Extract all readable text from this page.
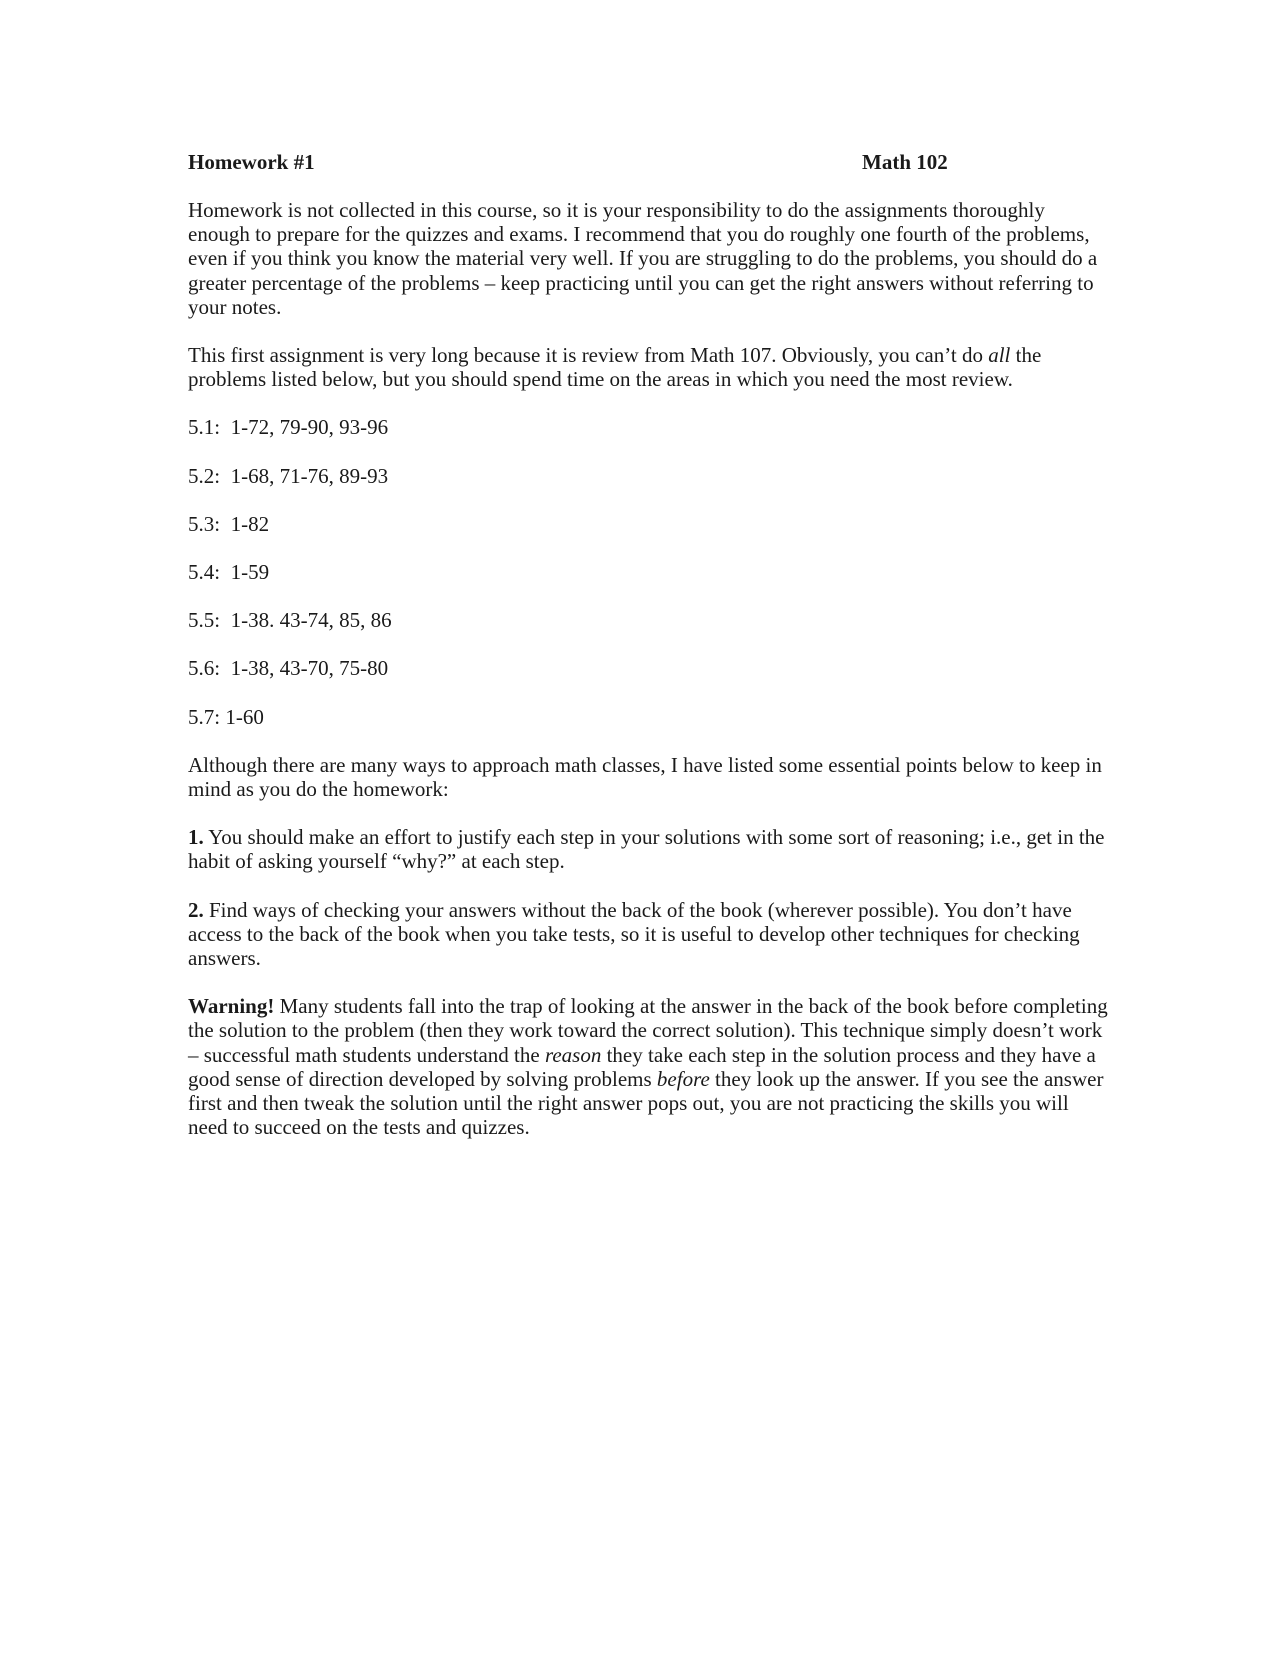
Homework #1	Math 102

Homework is not collected in this course, so it is your responsibility to do the assignments thoroughly enough to prepare for the quizzes and exams. I recommend that you do roughly one fourth of the problems, even if you think you know the material very well. If you are struggling to do the problems, you should do a greater percentage of the problems – keep practicing until you can get the right answers without referring to your notes.

This first assignment is very long because it is review from Math 107. Obviously, you can’t do all the problems listed below, but you should spend time on the areas in which you need the most review.

5.1: 1-72, 79-90, 93-96
5.2: 1-68, 71-76, 89-93
5.3: 1-82
5.4: 1-59
5.5: 1-38. 43-74, 85, 86
5.6: 1-38, 43-70, 75-80
5.7: 1-60

Although there are many ways to approach math classes, I have listed some essential points below to keep in mind as you do the homework:

1. You should make an effort to justify each step in your solutions with some sort of reasoning; i.e., get in the habit of asking yourself “why?” at each step.

2. Find ways of checking your answers without the back of the book (wherever possible). You don’t have access to the back of the book when you take tests, so it is useful to develop other techniques for checking answers.

Warning! Many students fall into the trap of looking at the answer in the back of the book before completing the solution to the problem (then they work toward the correct solution). This technique simply doesn’t work – successful math students understand the reason they take each step in the solution process and they have a good sense of direction developed by solving problems before they look up the answer. If you see the answer first and then tweak the solution until the right answer pops out, you are not practicing the skills you will need to succeed on the tests and quizzes.
